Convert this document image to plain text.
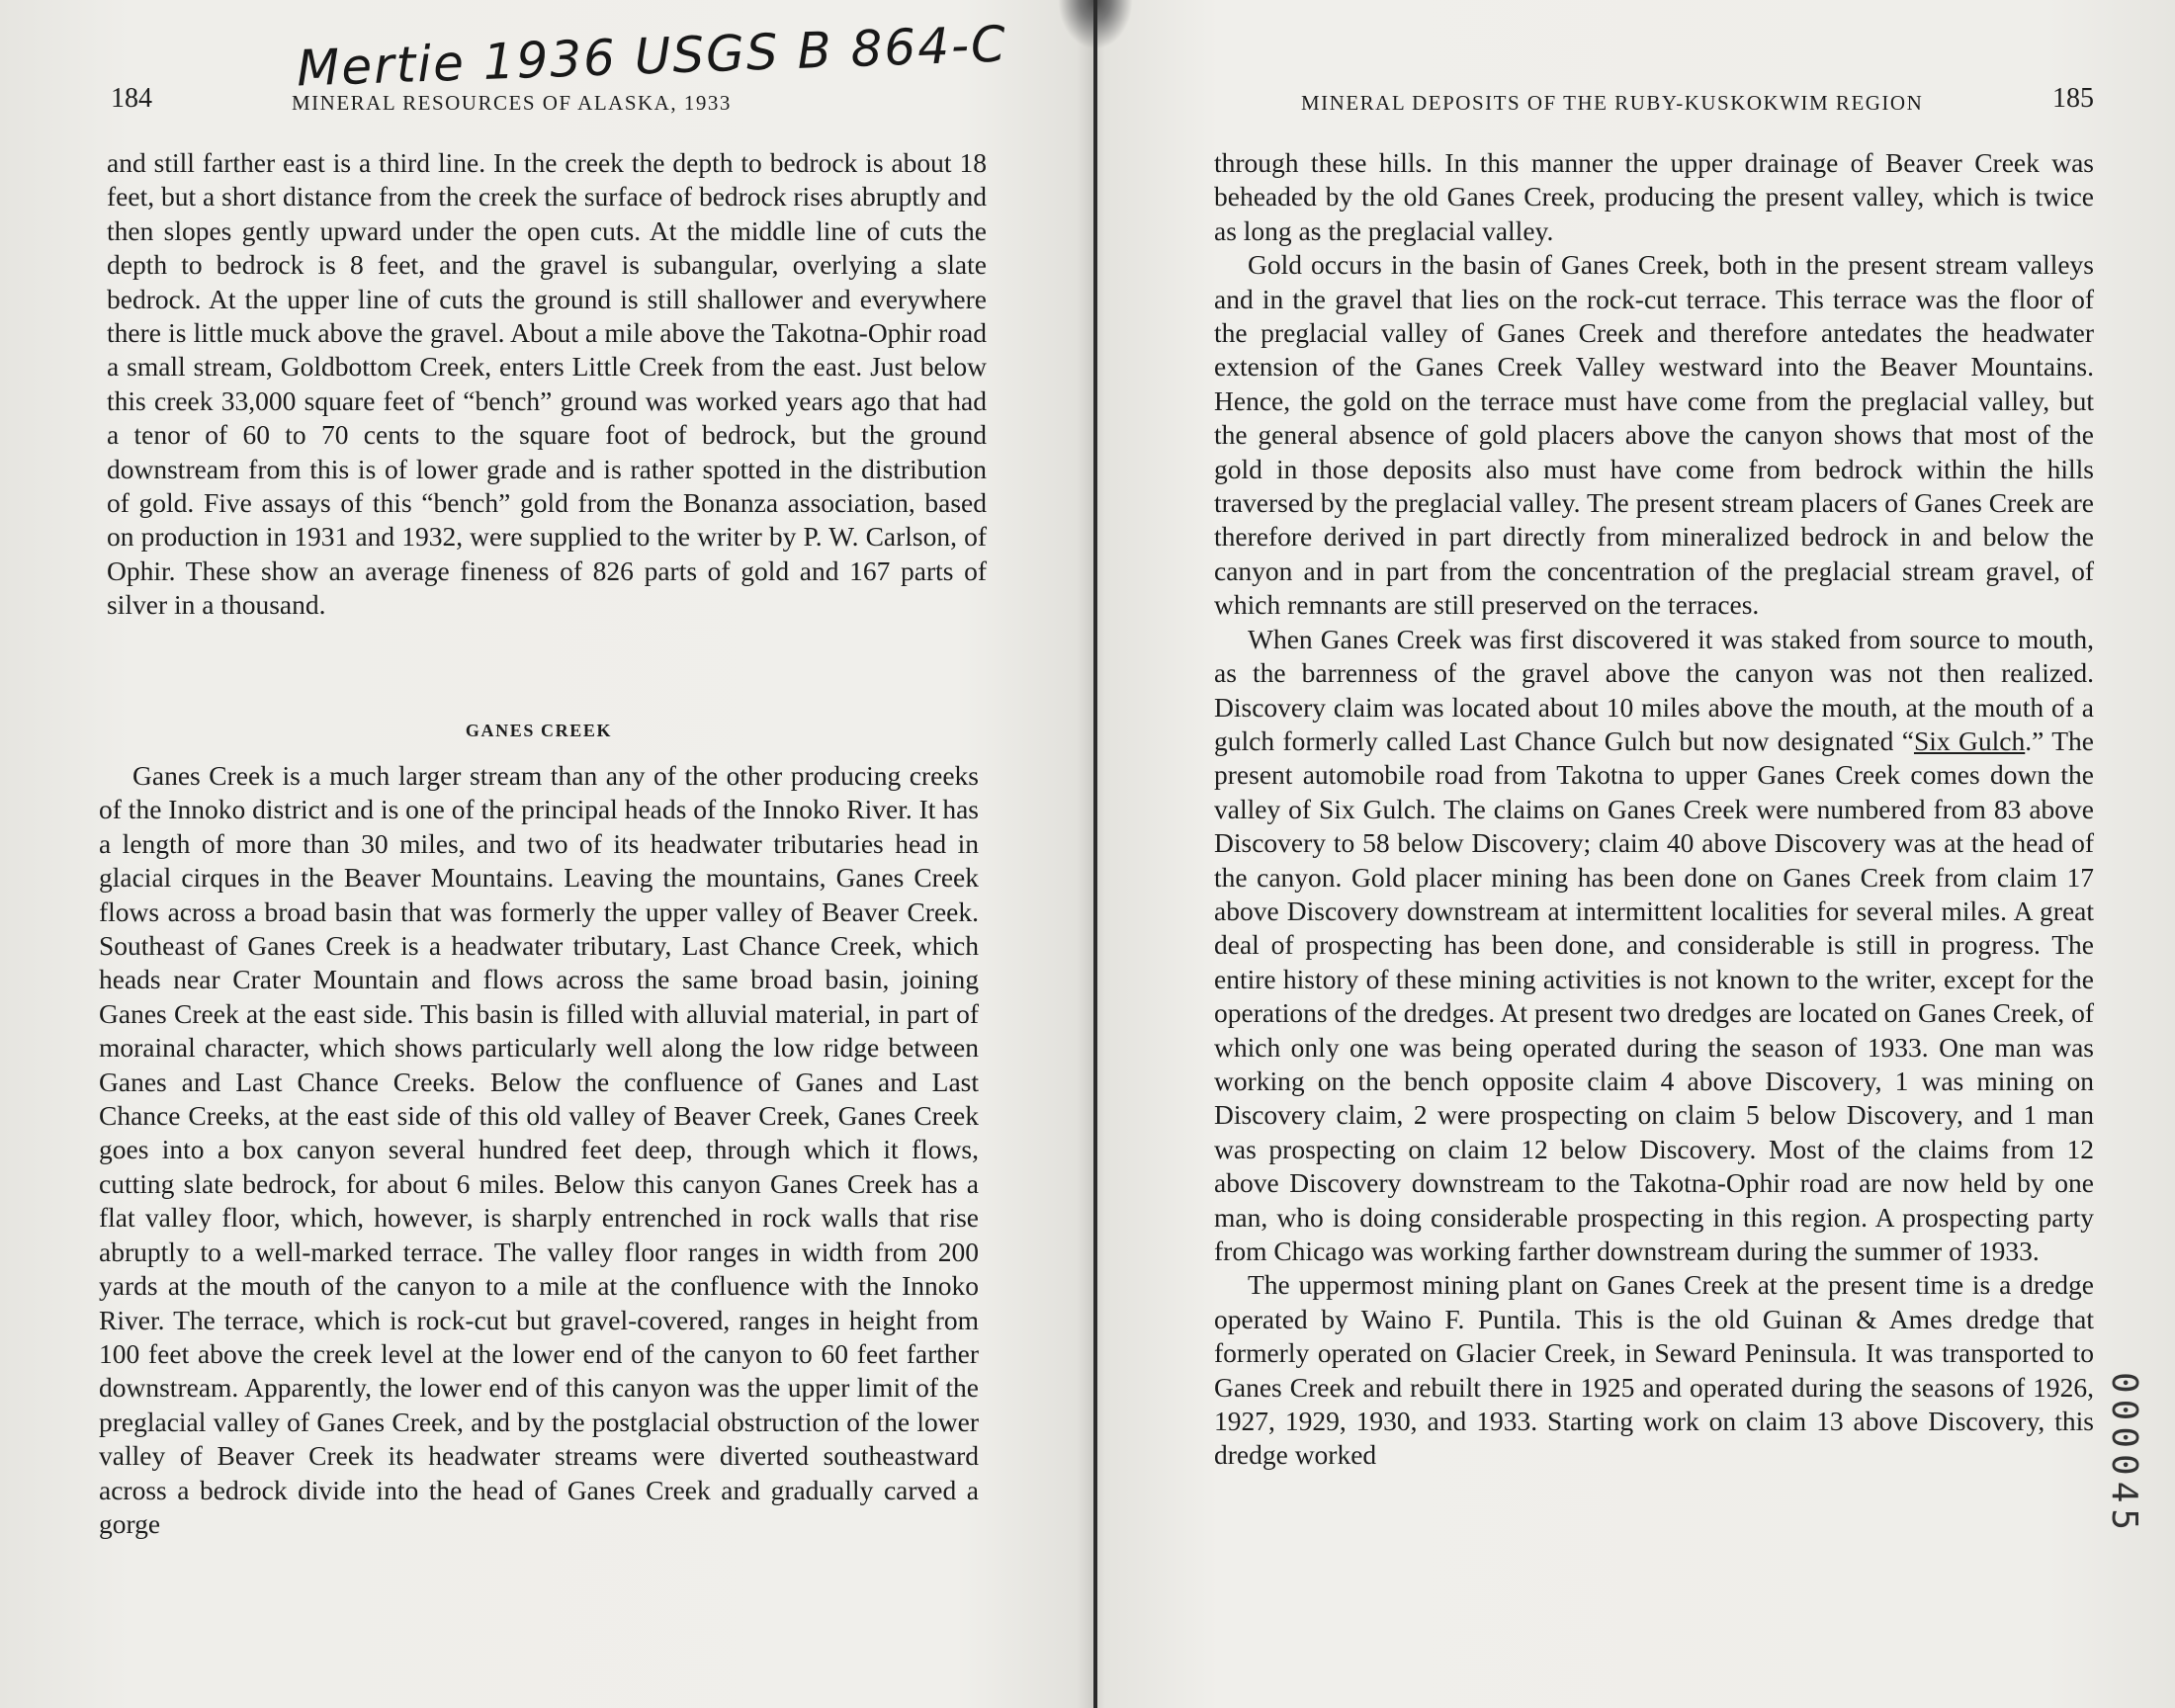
Mertie 1936 USGS B 864-C
184	MINERAL RESOURCES OF ALASKA, 1933

and still farther east is a third line. In the creek the depth to bedrock is about 18 feet, but a short distance from the creek the surface of bedrock rises abruptly and then slopes gently upward under the open cuts. At the middle line of cuts the depth to bedrock is 8 feet, and the gravel is subangular, overlying a slate bedrock. At the upper line of cuts the ground is still shallower and everywhere there is little muck above the gravel. About a mile above the Takotna-Ophir road a small stream, Goldbottom Creek, enters Little Creek from the east. Just below this creek 33,000 square feet of “bench” ground was worked years ago that had a tenor of 60 to 70 cents to the square foot of bedrock, but the ground downstream from this is of lower grade and is rather spotted in the distribution of gold. Five assays of this “bench” gold from the Bonanza association, based on production in 1931 and 1932, were supplied to the writer by P. W. Carlson, of Ophir. These show an average fineness of 826 parts of gold and 167 parts of silver in a thousand.

GANES CREEK

Ganes Creek is a much larger stream than any of the other producing creeks of the Innoko district and is one of the principal heads of the Innoko River. It has a length of more than 30 miles, and two of its headwater tributaries head in glacial cirques in the Beaver Mountains. Leaving the mountains, Ganes Creek flows across a broad basin that was formerly the upper valley of Beaver Creek. Southeast of Ganes Creek is a headwater tributary, Last Chance Creek, which heads near Crater Mountain and flows across the same broad basin, joining Ganes Creek at the east side. This basin is filled with alluvial material, in part of morainal character, which shows particularly well along the low ridge between Ganes and Last Chance Creeks. Below the confluence of Ganes and Last Chance Creeks, at the east side of this old valley of Beaver Creek, Ganes Creek goes into a box canyon several hundred feet deep, through which it flows, cutting slate bedrock, for about 6 miles. Below this canyon Ganes Creek has a flat valley floor, which, however, is sharply entrenched in rock walls that rise abruptly to a well-marked terrace. The valley floor ranges in width from 200 yards at the mouth of the canyon to a mile at the confluence with the Innoko River. The terrace, which is rock-cut but gravel-covered, ranges in height from 100 feet above the creek level at the lower end of the canyon to 60 feet farther downstream. Apparently, the lower end of this canyon was the upper limit of the preglacial valley of Ganes Creek, and by the postglacial obstruction of the lower valley of Beaver Creek its headwater streams were diverted southeastward across a bedrock divide into the head of Ganes Creek and gradually carved a gorge

MINERAL DEPOSITS OF THE RUBY-KUSKOKWIM REGION	185

through these hills. In this manner the upper drainage of Beaver Creek was beheaded by the old Ganes Creek, producing the present valley, which is twice as long as the preglacial valley.

Gold occurs in the basin of Ganes Creek, both in the present stream valleys and in the gravel that lies on the rock-cut terrace. This terrace was the floor of the preglacial valley of Ganes Creek and therefore antedates the headwater extension of the Ganes Creek Valley westward into the Beaver Mountains. Hence, the gold on the terrace must have come from the preglacial valley, but the general absence of gold placers above the canyon shows that most of the gold in those deposits also must have come from bedrock within the hills traversed by the preglacial valley. The present stream placers of Ganes Creek are therefore derived in part directly from mineralized bedrock in and below the canyon and in part from the concentration of the preglacial stream gravel, of which remnants are still preserved on the terraces.

When Ganes Creek was first discovered it was staked from source to mouth, as the barrenness of the gravel above the canyon was not then realized. Discovery claim was located about 10 miles above the mouth, at the mouth of a gulch formerly called Last Chance Gulch but now designated “Six Gulch.” The present automobile road from Takotna to upper Ganes Creek comes down the valley of Six Gulch. The claims on Ganes Creek were numbered from 83 above Discovery to 58 below Discovery; claim 40 above Discovery was at the head of the canyon. Gold placer mining has been done on Ganes Creek from claim 17 above Discovery downstream at intermittent localities for several miles. A great deal of prospecting has been done, and considerable is still in progress. The entire history of these mining activities is not known to the writer, except for the operations of the dredges. At present two dredges are located on Ganes Creek, of which only one was being operated during the season of 1933. One man was working on the bench opposite claim 4 above Discovery, 1 was mining on Discovery claim, 2 were prospecting on claim 5 below Discovery, and 1 man was prospecting on claim 12 below Discovery. Most of the claims from 12 above Discovery downstream to the Takotna-Ophir road are now held by one man, who is doing considerable prospecting in this region. A prospecting party from Chicago was working farther downstream during the summer of 1933.

The uppermost mining plant on Ganes Creek at the present time is a dredge operated by Waino F. Puntila. This is the old Guinan & Ames dredge that formerly operated on Glacier Creek, in Seward Peninsula. It was transported to Ganes Creek and rebuilt there in 1925 and operated during the seasons of 1926, 1927, 1929, 1930, and 1933. Starting work on claim 13 above Discovery, this dredge worked	000045
